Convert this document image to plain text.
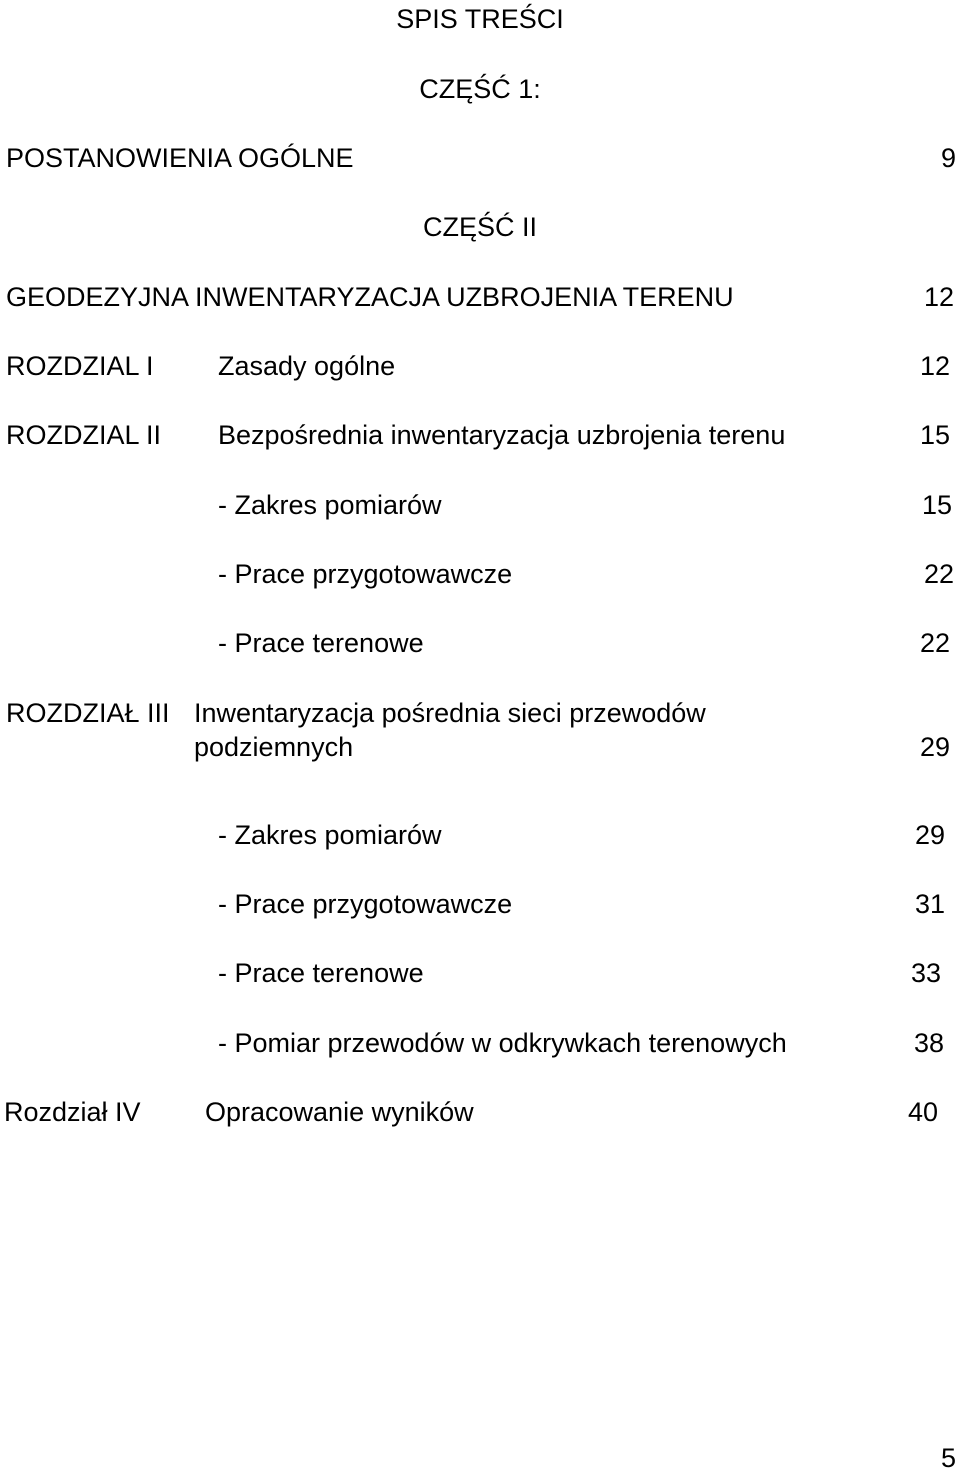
SPIS TREŚCI
CZĘŚĆ 1:
POSTANOWIENIA OGÓLNE	9
CZĘŚĆ II
GEODEZYJNA INWENTARYZACJA UZBROJENIA TERENU	12
ROZDZIAL I Zasady ogólne	12
ROZDZIAL II Bezpośrednia inwentaryzacja uzbrojenia terenu	15
- Zakres pomiarów	15
- Prace przygotowawcze	22
- Prace terenowe	22
ROZDZIAŁ III Inwentaryzacja pośrednia sieci przewodów
podziemnych	29
- Zakres pomiarów	29
- Prace przygotowawcze	31
- Prace terenowe	33
- Pomiar przewodów w odkrywkach terenowych	38
Rozdział IV Opracowanie wyników	40
5
